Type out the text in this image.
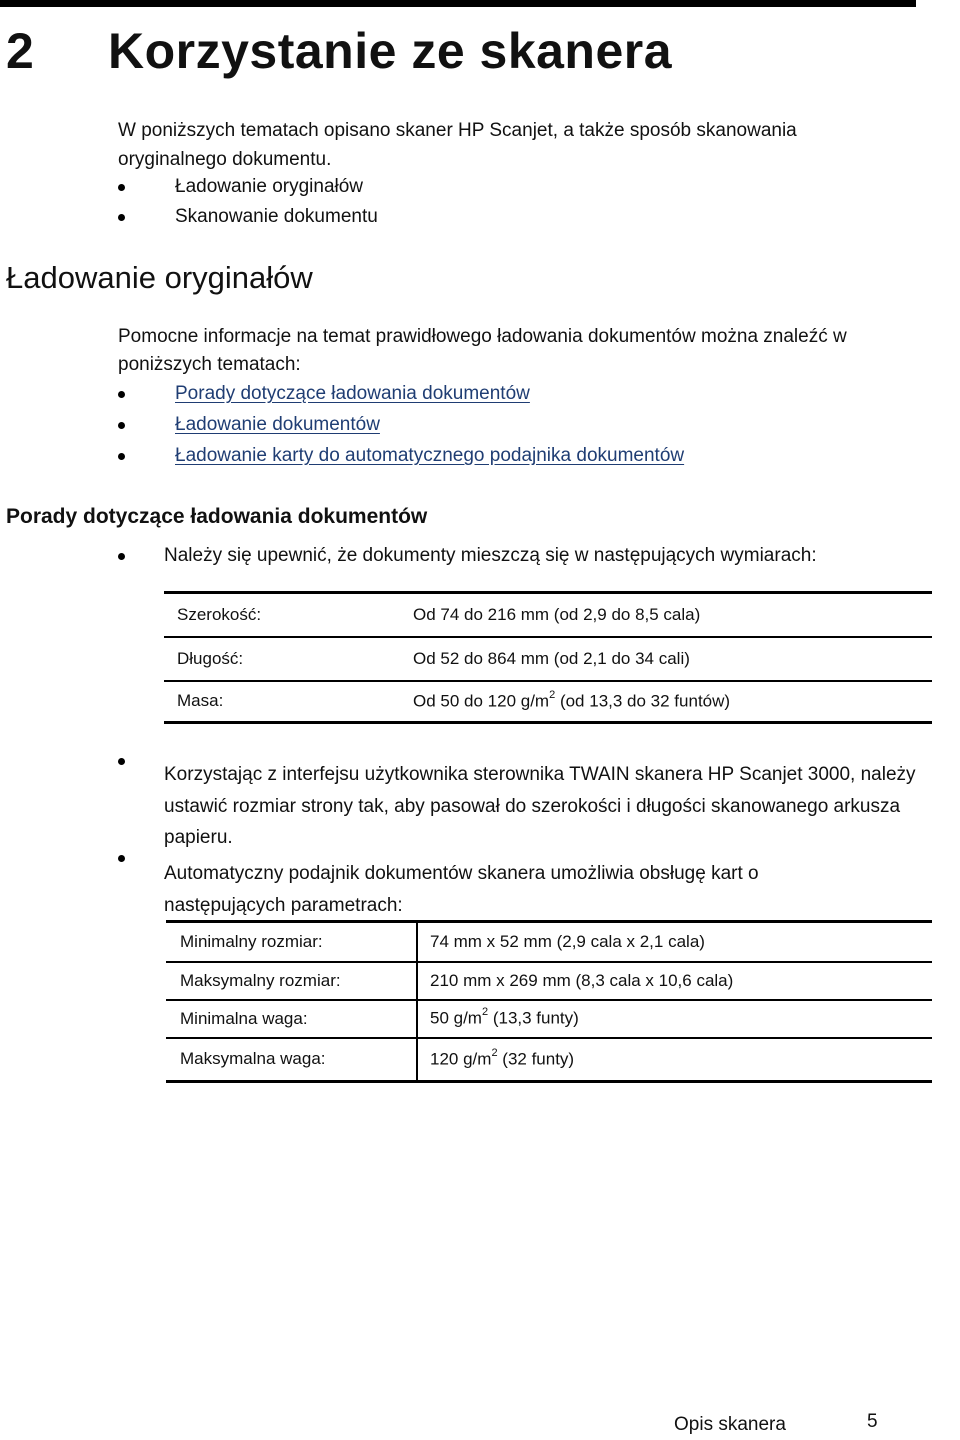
2 Korzystanie ze skanera

W poniższych tematach opisano skaner HP Scanjet, a także sposób skanowania oryginalnego dokumentu.

Ładowanie oryginałów
Skanowanie dokumentu
Ładowanie oryginałów

Pomocne informacje na temat prawidłowego ładowania dokumentów można znaleźć w poniższych tematach:

Porady dotyczące ładowania dokumentów
Ładowanie dokumentów
Ładowanie karty do automatycznego podajnika dokumentów
Porady dotyczące ładowania dokumentów
Należy się upewnić, że dokumenty mieszczą się w następujących wymiarach:
Szerokość:	Od 74 do 216 mm (od 2,9 do 8,5 cala)
Długość:	Od 52 do 864 mm (od 2,1 do 34 cali)
Masa:	Od 50 do 120 $g/m^2$ (od 13,3 do 32 funtów)

Korzystając z interfejsu użytkownika sterownika TWAIN skanera HP Scanjet 3000, należy ustawić rozmiar strony tak, aby pasował do szerokości i długości skanowanego arkusza papieru.

Automatyczny podajnik dokumentów skanera umożliwia obsługę kart o następujących parametrach:

Minimalny rozmiar:	74 mm x 52 mm (2,9 cala x 2,1 cala)
Maksymalny rozmiar:	210 mm x 269 mm (8,3 cala x 10,6 cala)
Minimalna waga:	50 $g/m^2$ (13,3 funty)
Maksymalna waga:	120 $g/m^2$ (32 funty)
Opis skanera	5
